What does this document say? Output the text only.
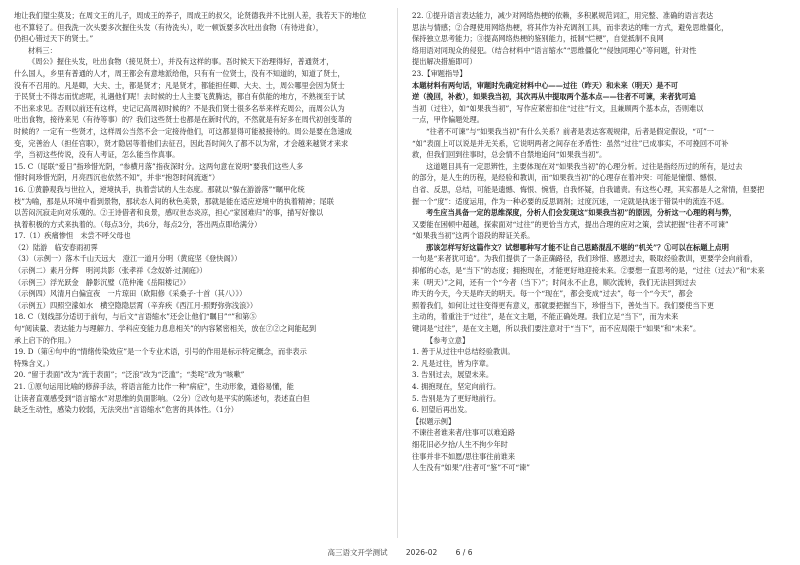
地让我们望尘莫及；在周文王的儿子，周成王的养子，周成王的叔父，论贤德我并不比别人差，我若天下的地位

也不算轻了。但我洗一次头要多次握住头发（有待洗头），吃一顿饭要多次吐出食物（有待进食），

仍担心错过天下的贤士。”

材料三：

《周公》握住头发，吐出食物（接见贤士），并没有这样的事。吾时候天下治理得好，普通贤才，

什么国人，乡里有普通的人才，周王都会有意地派给他，只有有一位贤士，没有不知道的，知道了贤士，

没有不召用的。凡是卿，大夫、士，都是贤才；凡是贤才，都能担任卿、大夫、士，周公哪里会因为贤士

于民贤士不得志而忧虑呢，礼遇他们呢！去时候的士人主要飞黄腾达，都自有供能的地方，不熟视至于试

不出来求见。否则以前还有这样，史记记高周初时候的？不是我们贤士很多名举来样充周公，而周公认为

吐出食物，接待来见（有待等事）的？我们这些贤士也都是在新时代的，不然就是有好多在周代初创变革的

时候的？一定有一些贤才，这样周公当然不会一定接待他们，可这都显得可能被接待的。周公是要在急速成

变，完善治人（担任官职），贤才隐居等着他们去征召，因此吾时间久了都不以为常，才会越来越贤才来求

学，当初这些传说，没有人考证，怎么能当作真事。

15. C（尾联“爱日”指珍惜光阴，“参横月落”指夜深时分。这两句意在说明“要我们这些人多

惜时间珍惜光阴，月亮西沉也依然不知”，并非“抱怨时间流逝”）

16. ①黄静观我与世拉入，逆境执手，执着尝试的人生态度。那就以“躲在游游落”“瞩甲化统

枝”为喻，那是从环境中看到景物，那状态人间的秋色美景，那就是能在适应逆境中的执着精神；尾联

以苦闷沉寂走向对乐观的。②王诗借者和良景，感叹世态炎凉，担心“家园难归”的事，描写好像以

执着积极的方式来执着的。（每点3分，共6分，每点2分，答出两点即给满分）

17.（1）疾痛惨怛　未尝不呼父母也

（2）陆游　临安春雨初霁

（3）（示例一）落木千山天远大　澄江一道月分明（黄庭坚《登快阁》）

（示例二）素月分辉　明河共影（张孝祥《念奴娇·过洞庭》）

（示例三）浮光跃金　静影沉璧（范仲淹《岳阳楼记》）

（示例四）风清月白偏宜夜　一片琼田（欧阳修《采桑子·十首（其八）》）

（示例五）四照空濛如水　横空隐隐层霄（辛弃疾《西江月·照野弥弥浅浪》）

18. C（划线部分适切于前句，与后文“言语缩水”还会让他们“瞩目”“”和第⑤

句“阅读量、表达能力与理解力、学科应变能力息息相关”的内容紧密相关，放在⑦②之间能起到

承上启下的作用。）

19. D（第④句中的“情绪传染效应”是一个专业术语，引号的作用是标示特定概念，而非表示

特殊含义。）

20. “留于表面”改为“流于表面”；“泛浪”改为“泛滥”；“类咤”改为“咳嗽”

21. ①原句运用比喻的修辞手法，将语言能力比作一种“病症”，生动形象，通俗易懂，能

让读者直观感受到“语言缩水”对思维的负面影响。（2分）②改句是平实的陈述句，表述直白但

缺乏生动性，感染力较弱，无法突出“言语缩水”危害的具体性。（1分）

22. ①提升语言表达能力，减少对网络热梗的依赖，多积累规范词汇，用完整、准确的语言表达

思法与情感；②合理使用网络热梗，将其作为补充调剂工具，而非表达的唯一方式，避免思维僵化，

保持独立思考能力；③提高网络热梗的鉴别能力，抵制“烂梗”，自觉抵制不良网

络用语对同现众的侵犯。（结合材料中“语言缩水”“思维僵化”“侵蚀同理心”等问题，针对性

提出解决措施即可）

23.【审题指导】

本题材料有两句话，审题时先确定材料中心——过往（昨天）和未来（明天）是不可

逆（挽回，补救），如果我当初，其次再从中提取两个基本点——往者不可谏，来者犹可追

当初（过往），如“如果我当初”，写作应紧密扣住“过往”行文，且兼顾两个基本点，否则难以

一点，甲作偏题处理。

“往者不可谏”与“如果我当初”有什么关系？前者是表达客观规律，后者是假定假设，“可”一

“如”表面上可以说是并无关系，它说明两者之间存在矛盾性：虽然“过往”已成事实，不可挽回不可补

救，但我们回到往事时，总会情不自禁地追问“如果我当初”。

这道题目具有一定思辨性，主要体现在对“如果我当初”的心理分析。过往是指经历过的所有，是过去

的部分，是人生的历程，是经验和教训，而“如果我当初”的心理存在着冲突：可能是憧憬、憾恨、

自省、反思，总结，可能是遗憾、悔恨、惋惜，自我怀疑，自我谴责。有这些心理，其实都是人之常情，但要把

握一个“度”：适度运用，作为一种必要的反思调剂；过度沉迷，一定就是执迷于错误中的流连不返。

考生应当具备一定的思维深度，分析人们会发现这“如果我当初”的原因，分析这一心理的利与弊，

又要能在困顿中超越，探索面对“过往”的更恰当方式，提出合理的应对之策，尝试把握“往者不可谏”

“如果我当初”这两个语段的辩证关系。

那该怎样写好这篇作文？试想哪种写才能不让自己思路混乱不堪的“机关”？①可以在标题上点明

一句是“来者犹可追”。为我们提供了一条正确路径，我们珍惜、感恩过去，吸取经验教训，更要学会向前看，

抑郁的心态，是“当下”的态度；拥抱现在，才能更好地迎接未来。②要想一直思考的是，“过往（过去）”和“未来

来（明天）”之间，还有一个“今者（当下）”；时间永不止息，顺次流转，我们无法回到过去

昨天的今天，今天是昨天的明天。每一个“现在”，都会变成“过去”，每一个“今天”，都会

照着我们，如何让过往变得更有意义，那就要把握当下，珍惜当下，善处当下。我们要使当下更

主动的，着重注于“过往”，是在文主题，不能正确处理。我们立足“当下”，而为未来

键词是“过往”，是在文主题，所以我们要注意对于“当下”，而不应局限于“如果”和“未来”。

【参考立意】

1. 善于从过往中总结经验教训。

2. 凡是过往，皆为序章。

3. 告别过去，展望未来。

4. 拥抱现在，坚定向前行。

5. 告别是为了更好地前行。

6. 回望后再出发。

【拟题示例】

不谏往者谁来者/往事可以难追路

细花旧必夕拾/人生不拘少年时

往事并非不如愿/思往事往前谁来

人生没有“如果”/往者可“鉴”不可“谏”

高三语文开学测试 2026-02 6 / 6
